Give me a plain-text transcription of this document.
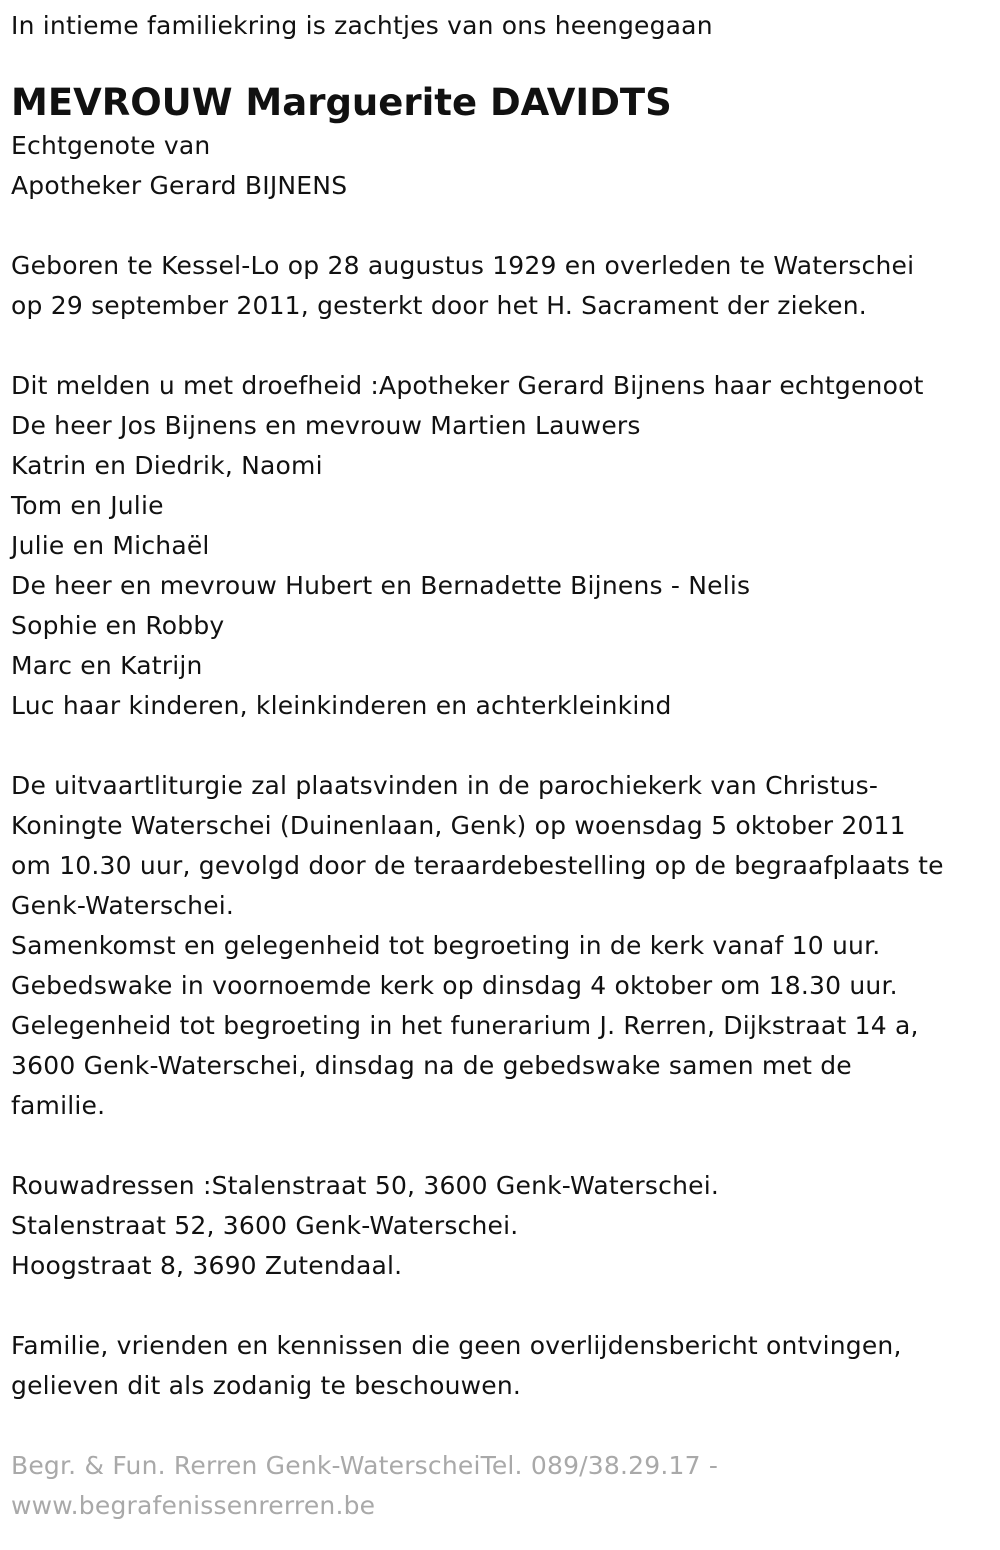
In intieme familiekring is zachtjes van ons heengegaan

MEVROUW Marguerite DAVIDTS

Echtgenote van

Apotheker Gerard BIJNENS

Geboren te Kessel-Lo op 28 augustus 1929 en overleden te Waterschei

op 29 september 2011, gesterkt door het H. Sacrament der zieken.

Dit melden u met droefheid :Apotheker Gerard Bijnens haar echtgenoot

De heer Jos Bijnens en mevrouw Martien Lauwers

Katrin en Diedrik, Naomi

Tom en Julie

Julie en Michaël

De heer en mevrouw Hubert en Bernadette Bijnens - Nelis

Sophie en Robby

Marc en Katrijn

Luc haar kinderen, kleinkinderen en achterkleinkind

De uitvaartliturgie zal plaatsvinden in de parochiekerk van Christus-

Koningte Waterschei (Duinenlaan, Genk) op woensdag 5 oktober 2011

om 10.30 uur, gevolgd door de teraardebestelling op de begraafplaats te

Genk-Waterschei.

Samenkomst en gelegenheid tot begroeting in de kerk vanaf 10 uur.

Gebedswake in voornoemde kerk op dinsdag 4 oktober om 18.30 uur.

Gelegenheid tot begroeting in het funerarium J. Rerren, Dijkstraat 14 a,

3600 Genk-Waterschei, dinsdag na de gebedswake samen met de

familie.

Rouwadressen :Stalenstraat 50, 3600 Genk-Waterschei.

Stalenstraat 52, 3600 Genk-Waterschei.

Hoogstraat 8, 3690 Zutendaal.

Familie, vrienden en kennissen die geen overlijdensbericht ontvingen,

gelieven dit als zodanig te beschouwen.

Begr. & Fun. Rerren Genk-WaterscheiTel. 089/38.29.17 -

www.begrafenissenrerren.be
